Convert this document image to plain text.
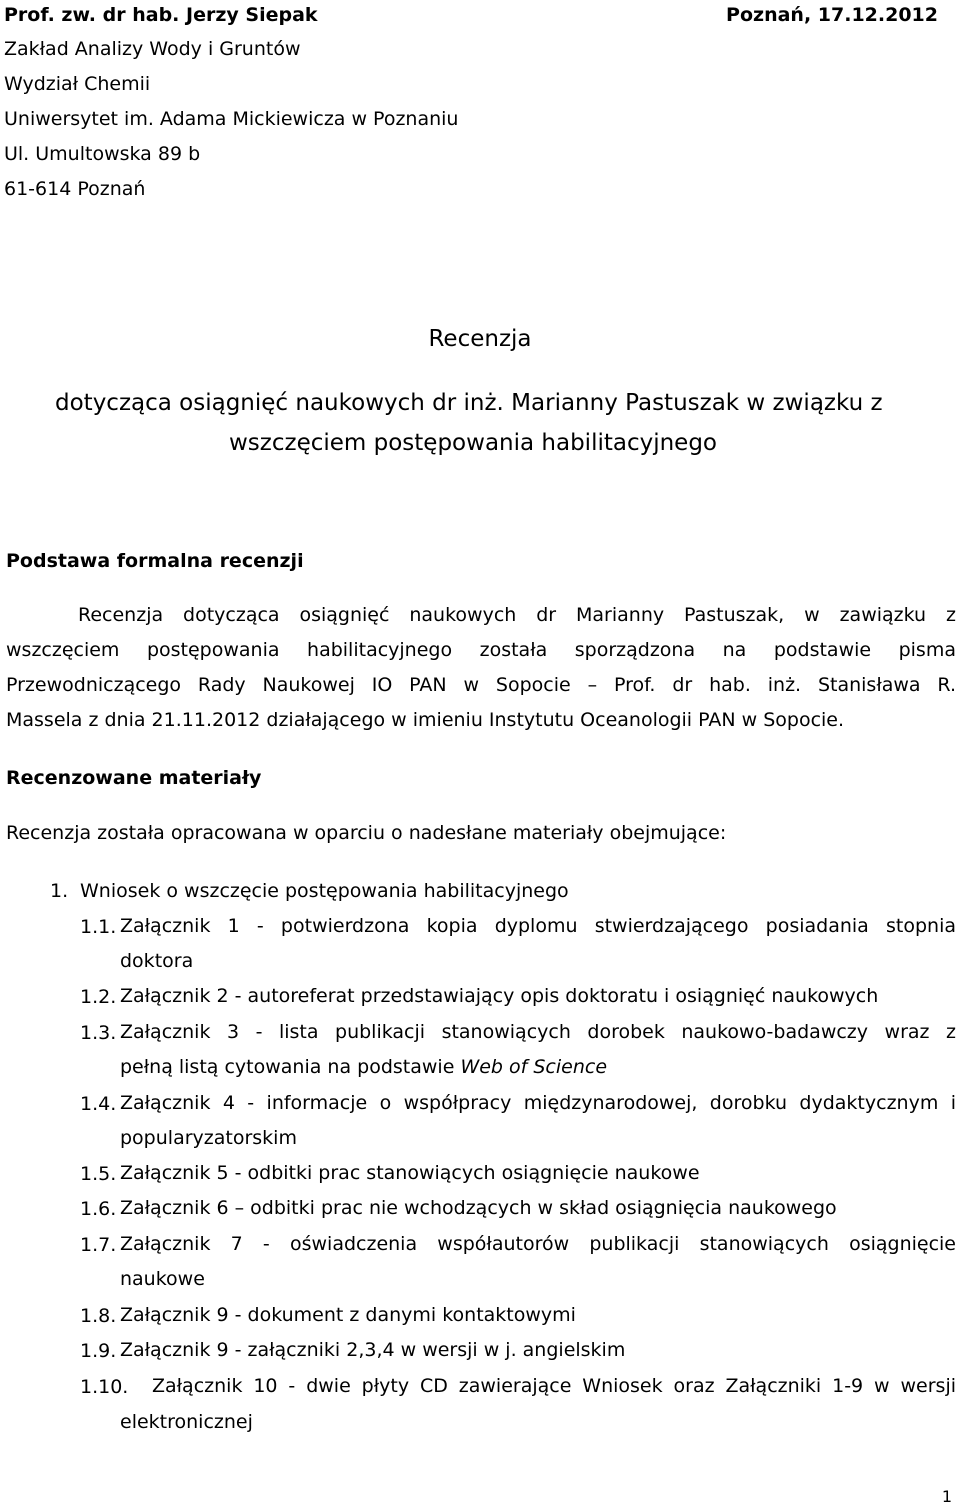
Prof. zw. dr hab. Jerzy Siepak	Poznań, 17.12.2012
Zakład Analizy Wody i Gruntów
Wydział Chemii
Uniwersytet im. Adama Mickiewicza w Poznaniu
Ul. Umultowska 89 b
61-614 Poznań
Recenzja
dotycząca osiągnięć naukowych dr inż. Marianny Pastuszak w związku z
wszczęciem postępowania habilitacyjnego
Podstawa formalna recenzji
Recenzja dotycząca osiągnięć naukowych dr Marianny Pastuszak, w zawiązku z
wszczęciem postępowania habilitacyjnego została sporządzona na podstawie pisma
Przewodniczącego Rady Naukowej IO PAN w Sopocie – Prof. dr hab. inż. Stanisława R.
Massela z dnia 21.11.2012 działającego w imieniu Instytutu Oceanologii PAN w Sopocie.
Recenzowane materiały
Recenzja została opracowana w oparciu o nadesłane materiały obejmujące:
1. Wniosek o wszczęcie postępowania habilitacyjnego
1.1. Załącznik 1 - potwierdzona kopia dyplomu stwierdzającego posiadania stopnia
doktora
1.2. Załącznik 2 - autoreferat przedstawiający opis doktoratu i osiągnięć naukowych
1.3. Załącznik 3 - lista publikacji stanowiących dorobek naukowo-badawczy wraz z
pełną listą cytowania na podstawie Web of Science
1.4. Załącznik 4 - informacje o współpracy międzynarodowej, dorobku dydaktycznym i
popularyzatorskim
1.5. Załącznik 5 - odbitki prac stanowiących osiągnięcie naukowe
1.6. Załącznik 6 – odbitki prac nie wchodzących w skład osiągnięcia naukowego
1.7. Załącznik 7 - oświadczenia współautorów publikacji stanowiących osiągnięcie
naukowe
1.8. Załącznik 9 - dokument z danymi kontaktowymi
1.9. Załącznik 9 - załączniki 2,3,4 w wersji w j. angielskim
1.10. Załącznik 10 - dwie płyty CD zawierające Wniosek oraz Załączniki 1-9 w wersji
elektronicznej
1
